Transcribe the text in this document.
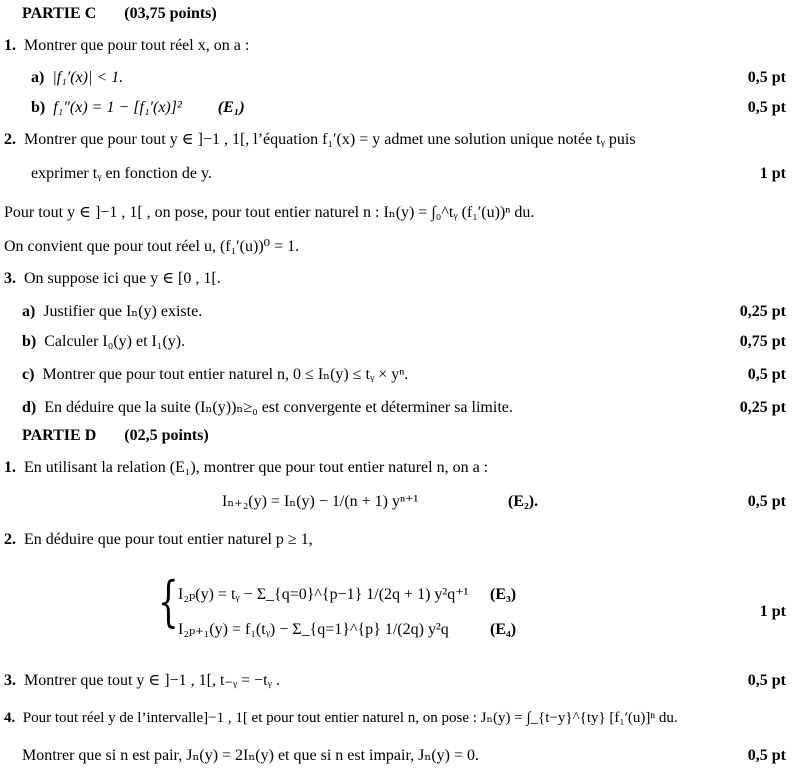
PARTIE C (03,75 points)
1. Montrer que pour tout réel x, on a :
a) |f₁′(x)| < 1.	0,5 pt
b) f₁″(x) = 1 − [f₁′(x)]² (E₁)	0,5 pt
2. Montrer que pour tout y ∈ ]−1 , 1[, l’équation f₁′(x) = y admet une solution unique notée tᵧ puis
exprimer tᵧ en fonction de y.	1 pt
Pour tout y ∈ ]−1 , 1[ , on pose, pour tout entier naturel n : Iₙ(y) = ∫₀^tᵧ (f₁′(u))ⁿ du.
On convient que pour tout réel u, (f₁′(u))⁰ = 1.
3. On suppose ici que y ∈ [0 , 1[.
a) Justifier que Iₙ(y) existe.	0,25 pt
b) Calculer I₀(y) et I₁(y).	0,75 pt
c) Montrer que pour tout entier naturel n, 0 ≤ Iₙ(y) ≤ tᵧ × yⁿ.	0,5 pt
d) En déduire que la suite (Iₙ(y))ₙ≥₀ est convergente et déterminer sa limite.	0,25 pt
PARTIE D (02,5 points)
1. En utilisant la relation (E₁), montrer que pour tout entier naturel n, on a :
Iₙ₊₂(y) = Iₙ(y) − 1/(n + 1) yⁿ⁺¹	(E₂).	0,5 pt
2. En déduire que pour tout entier naturel p ≥ 1,
{ I₂ₚ(y) = tᵧ − Σ_{q=0}^{p−1} 1/(2q + 1) y²q⁺¹ (E₃)
I₂ₚ₊₁(y) = f₁(tᵧ) − Σ_{q=1}^{p} 1/(2q) y²q	(E₄)
1 pt
3. Montrer que tout y ∈ ]−1 , 1[, t₋ᵧ = −tᵧ .	0,5 pt
4. Pour tout réel y de l’intervalle]−1 , 1[ et pour tout entier naturel n, on pose : Jₙ(y) = ∫_{t−y}^{ty} [f₁′(u)]ⁿ du.
Montrer que si n est pair, Jₙ(y) = 2Iₙ(y) et que si n est impair, Jₙ(y) = 0.	0,5 pt
